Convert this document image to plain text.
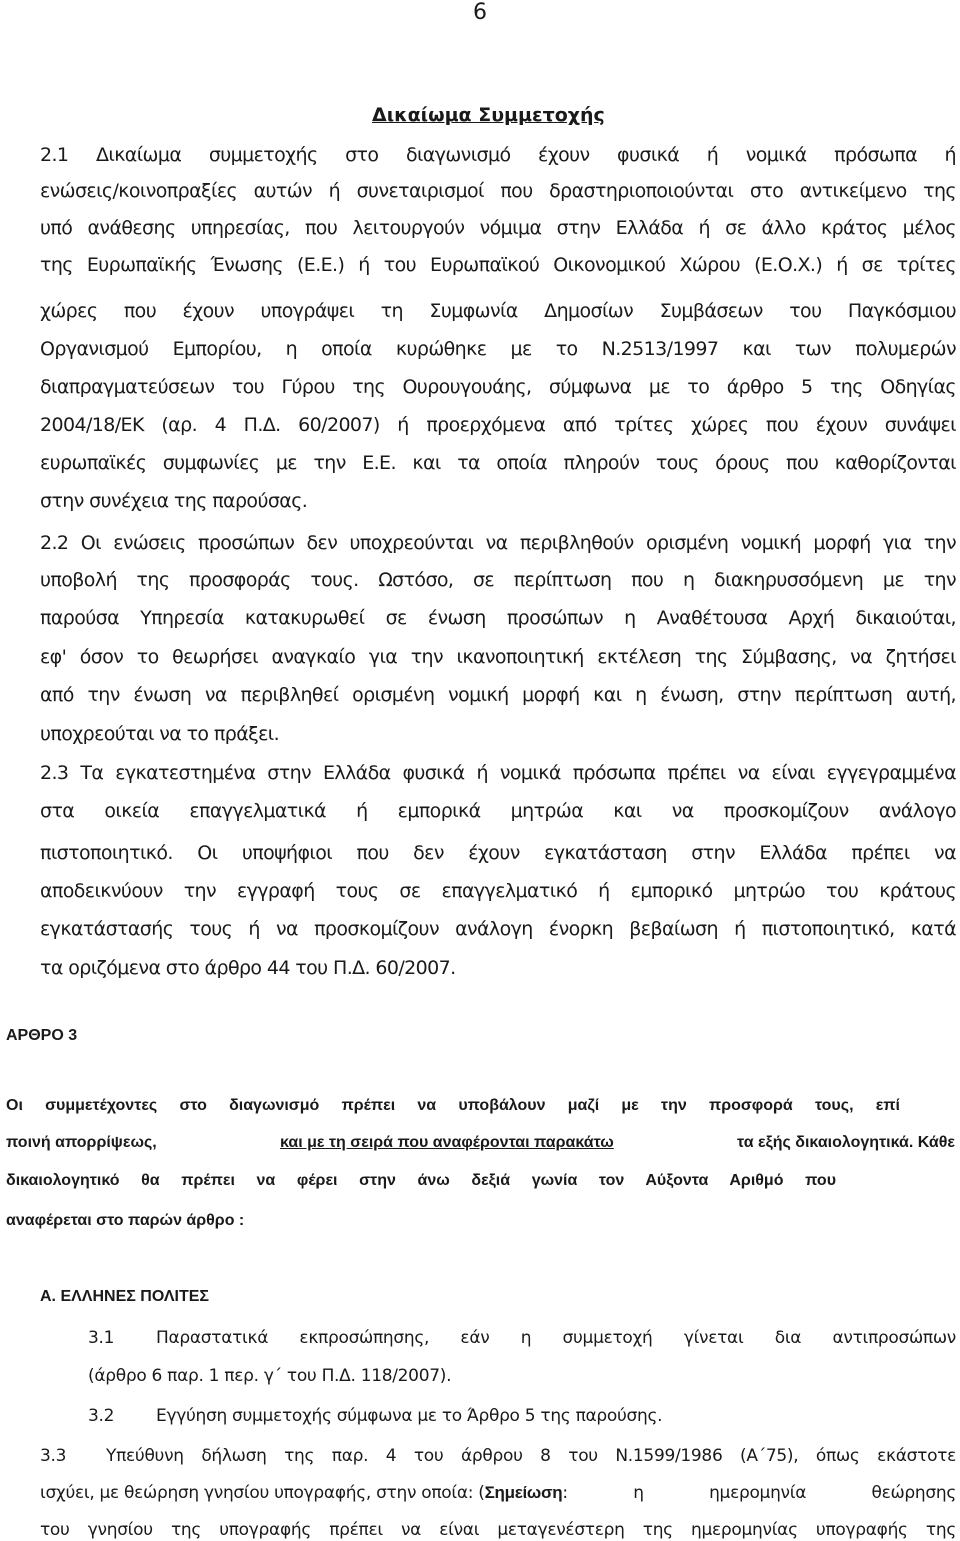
6
Δικαίωμα Συμμετοχής
2.1 Δικαίωμα συμμετοχής στο διαγωνισμό έχουν φυσικά ή νομικά πρόσωπα ή
ενώσεις/κοινοπραξίες αυτών ή συνεταιρισμοί που δραστηριοποιούνται στο αντικείμενο της
υπό ανάθεσης υπηρεσίας, που λειτουργούν νόμιμα στην Ελλάδα ή σε άλλο κράτος μέλος
της Ευρωπαϊκής Ένωσης (Ε.Ε.) ή του Ευρωπαϊκού Οικονομικού Χώρου (Ε.Ο.Χ.) ή σε τρίτες
χώρες που έχουν υπογράψει τη Συμφωνία Δημοσίων Συμβάσεων του Παγκόσμιου
Οργανισμού Εμπορίου, η οποία κυρώθηκε με το Ν.2513/1997 και των πολυμερών
διαπραγματεύσεων του Γύρου της Ουρουγουάης, σύμφωνα με το άρθρο 5 της Οδηγίας
2004/18/ΕΚ (αρ. 4 Π.Δ. 60/2007) ή προερχόμενα από τρίτες χώρες που έχουν συνάψει
ευρωπαϊκές συμφωνίες με την Ε.Ε. και τα οποία πληρούν τους όρους που καθορίζονται
στην συνέχεια της παρούσας.
2.2 Οι ενώσεις προσώπων δεν υποχρεούνται να περιβληθούν ορισμένη νομική μορφή για την
υποβολή της προσφοράς τους. Ωστόσο, σε περίπτωση που η διακηρυσσόμενη με την
παρούσα Υπηρεσία κατακυρωθεί σε ένωση προσώπων η Αναθέτουσα Αρχή δικαιούται,
εφ' όσον το θεωρήσει αναγκαίο για την ικανοποιητική εκτέλεση της Σύμβασης, να ζητήσει
από την ένωση να περιβληθεί ορισμένη νομική μορφή και η ένωση, στην περίπτωση αυτή,
υποχρεούται να το πράξει.
2.3 Τα εγκατεστημένα στην Ελλάδα φυσικά ή νομικά πρόσωπα πρέπει να είναι εγγεγραμμένα
στα οικεία επαγγελματικά ή εμπορικά μητρώα και να προσκομίζουν ανάλογο
πιστοποιητικό. Οι υποψήφιοι που δεν έχουν εγκατάσταση στην Ελλάδα πρέπει να
αποδεικνύουν την εγγραφή τους σε επαγγελματικό ή εμπορικό μητρώο του κράτους
εγκατάστασής τους ή να προσκομίζουν ανάλογη ένορκη βεβαίωση ή πιστοποιητικό, κατά
τα οριζόμενα στο άρθρο 44 του Π.Δ. 60/2007.
ΑΡΘΡΟ 3
Οι συμμετέχοντες στο διαγωνισμό πρέπει να υποβάλουν μαζί με την προσφορά τους, επί
ποινή απορρίψεως,	και με τη σειρά που αναφέρονται παρακάτω	τα εξής δικαιολογητικά. Κάθε
δικαιολογητικό θα πρέπει να φέρει στην άνω δεξιά γωνία τον Αύξοντα Αριθμό που
αναφέρεται στο παρών άρθρο :
Α. ΕΛΛΗΝΕΣ ΠΟΛΙΤΕΣ
3.1 Παραστατικά εκπροσώπησης, εάν η συμμετοχή γίνεται δια αντιπροσώπων
(άρθρο 6 παρ. 1 περ. γ΄ του Π.Δ. 118/2007).
3.2 Εγγύηση συμμετοχής σύμφωνα με το Άρθρο 5 της παρούσης.
3.3 Υπεύθυνη δήλωση της παρ. 4 του άρθρου 8 του Ν.1599/1986 (Α΄75), όπως εκάστοτε
ισχύει, με θεώρηση γνησίου υπογραφής, στην οποία: ( Σημείωση : η ημερομηνία θεώρησης
του γνησίου της υπογραφής πρέπει να είναι μεταγενέστερη της ημερομηνίας υπογραφής της
